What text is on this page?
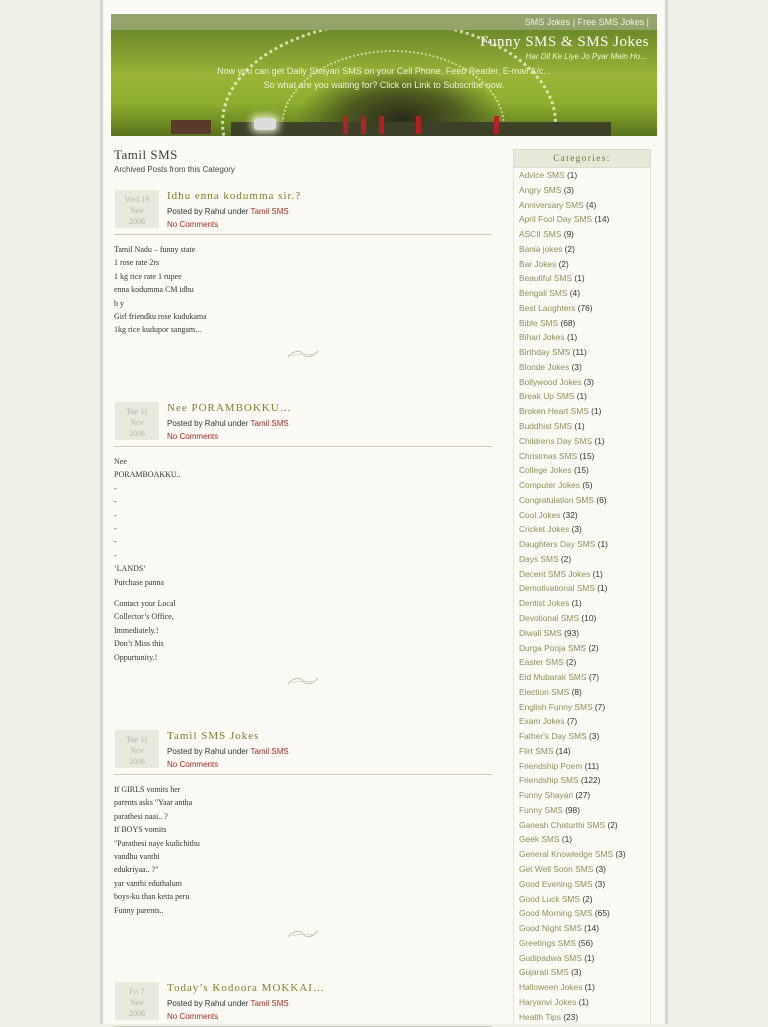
SMS Jokes | Free SMS Jokes |
Funny SMS & SMS Jokes
Har Dil Ke Liye Jo Pyar Mein Ho...
Now you can get Daily Shayari SMS on your Cell Phone, Feed Reader, E-mail A/c...
So what are you waiting for? Click on Link to Subscribe now.
Tamil SMS
Archived Posts from this Category
Wed 19
Nov
2008
Idhu enna kodumma sir.?
Posted by Rahul under Tamil SMS
No Comments

Tamil Nadu – funny state
1 rose rate 2rs
1 kg rice rate 1 rupee
enna kodumma CM idhu
b y
Girl friendku rose kudukama
1kg rice kudupor sangam...

Tue 11
Nov
2008
Nee PORAMBOKKU…
Posted by Rahul under Tamil SMS
No Comments

Nee
PORAMBOAKKU..
-
-
-
-
-
-
‘LANDS’
Purchase panna

Contact your Local
Collector’s Office,
Immediately.!
Don’t Miss this
Oppurtunity.!

Tue 11
Nov
2008
Tamil SMS Jokes
Posted by Rahul under Tamil SMS
No Comments

If GIRLS vomits her
parents asks "Yaar antha
parathesi naai.. ?
If BOYS vomits
"Parathesi naye kudichithu
vandhu vanthi
edukriyaa.. ?"
yar vanthi eduthalum
boys-ku than ketta peru
Funny parents..

Fri 7
Nov
2008
Today’s Kodoora MOKKAI…
Posted by Rahul under Tamil SMS
No Comments
Categories:
Advice SMS (1)
Angry SMS (3)
Anniversary SMS (4)
April Fool Day SMS (14)
ASCII SMS (9)
Bania jokes (2)
Bar Jokes (2)
Beautiful SMS (1)
Bengali SMS (4)
Best Laughters (76)
Bible SMS (68)
Bihari Jokes (1)
Birthday SMS (11)
Blonde Jokes (3)
Bollywood Jokes (3)
Break Up SMS (1)
Broken Heart SMS (1)
Buddhist SMS (1)
Childrens Day SMS (1)
Christmas SMS (15)
College Jokes (15)
Computer Jokes (5)
Congratulation SMS (6)
Cool Jokes (32)
Cricket Jokes (3)
Daughters Day SMS (1)
Days SMS (2)
Decent SMS Jokes (1)
Demotivational SMS (1)
Dentist Jokes (1)
Devotional SMS (10)
Diwali SMS (93)
Durga Pooja SMS (2)
Easter SMS (2)
Eid Mubarak SMS (7)
Election SMS (8)
English Funny SMS (7)
Exam Jokes (7)
Father's Day SMS (3)
Flirt SMS (14)
Friendship Poem (11)
Friendship SMS (122)
Funny Shayari (27)
Funny SMS (98)
Ganesh Chaturthi SMS (2)
Geek SMS (1)
General Knowledge SMS (3)
Get Well Soon SMS (3)
Good Evening SMS (3)
Good Luck SMS (2)
Good Morning SMS (65)
Good Night SMS (14)
Greetings SMS (56)
Gudipadwa SMS (1)
Gujarati SMS (3)
Halloween Jokes (1)
Haryanvi Jokes (1)
Health Tips (23)
